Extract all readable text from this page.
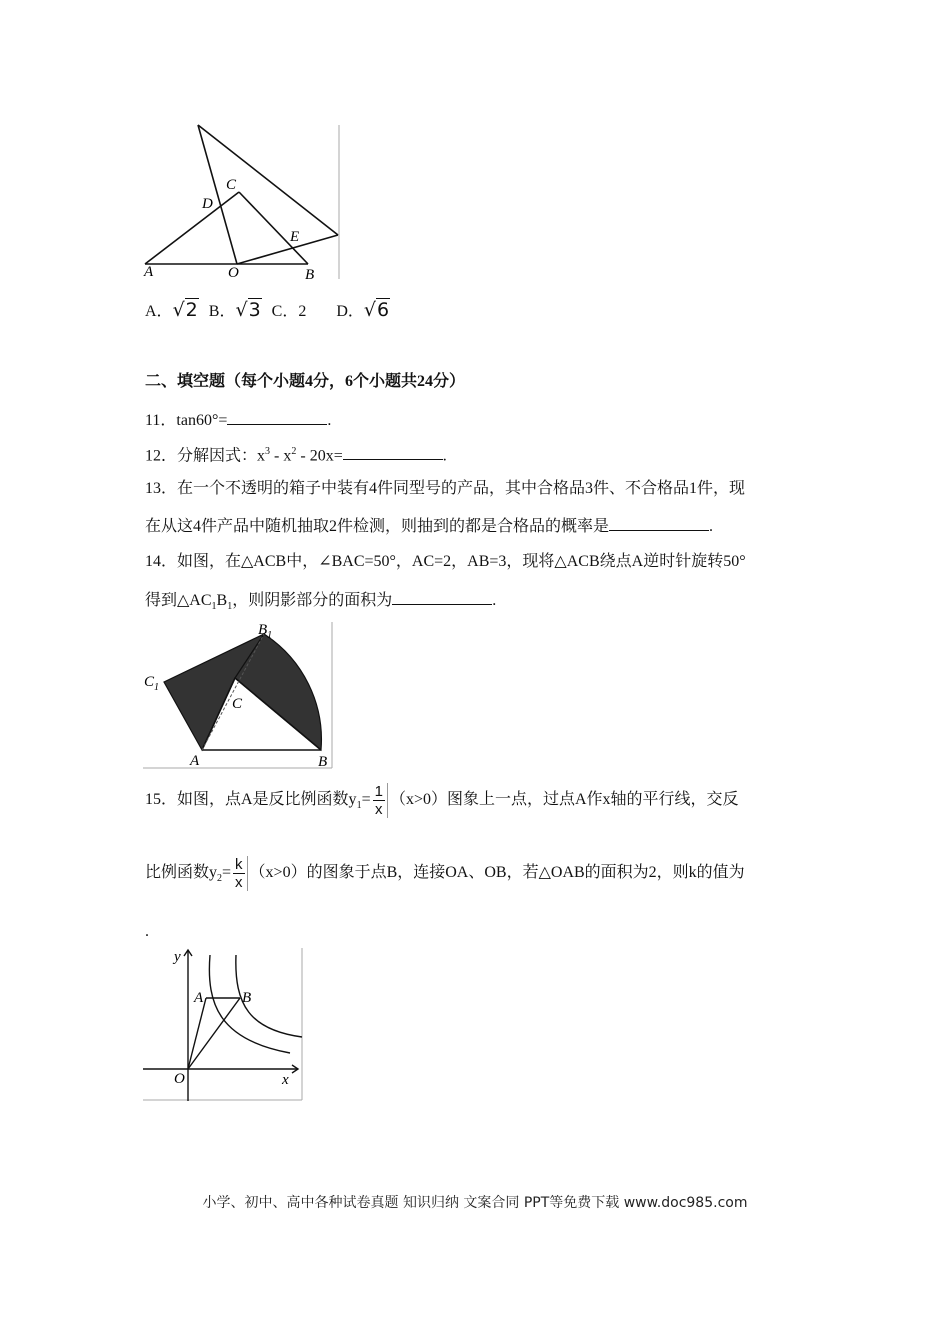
A	O	B
C
D
E
A．√2 B．√3 C．2 D．√6
二、填空题（每个小题4分，6个小题共24分）
11．tan60°=	.
12．分解因式：$x^3 - x^2 - 20x=$	.
13．在一个不透明的箱子中装有4件同型号的产品，其中合格品3件、不合格品1件，现
在从这4件产品中随机抽取2件检测，则抽到的都是合格品的概率是	.
14．如图，在△ACB中，∠BAC=50°，AC=2，AB=3，现将△ACB绕点A逆时针旋转50°
得到$\triangle AC_1B_1$，则阴影部分的面积为	.
A	B
C
$C_1$
$B_1$
15．如图，点A是反比例函数$y_1= \frac{1}{x} (x>0)$图象上一点，过点A作x轴的平行线，交反
比例函数$y_2= \frac{k}{x} (x>0)$的图象于点B，连接OA、OB，若△OAB的面积为2，则k的值为
.
y
x
O
A	B
小学、初中、高中各种试卷真题 知识归纳 文案合同 PPT等免费下载 www.doc985.com
